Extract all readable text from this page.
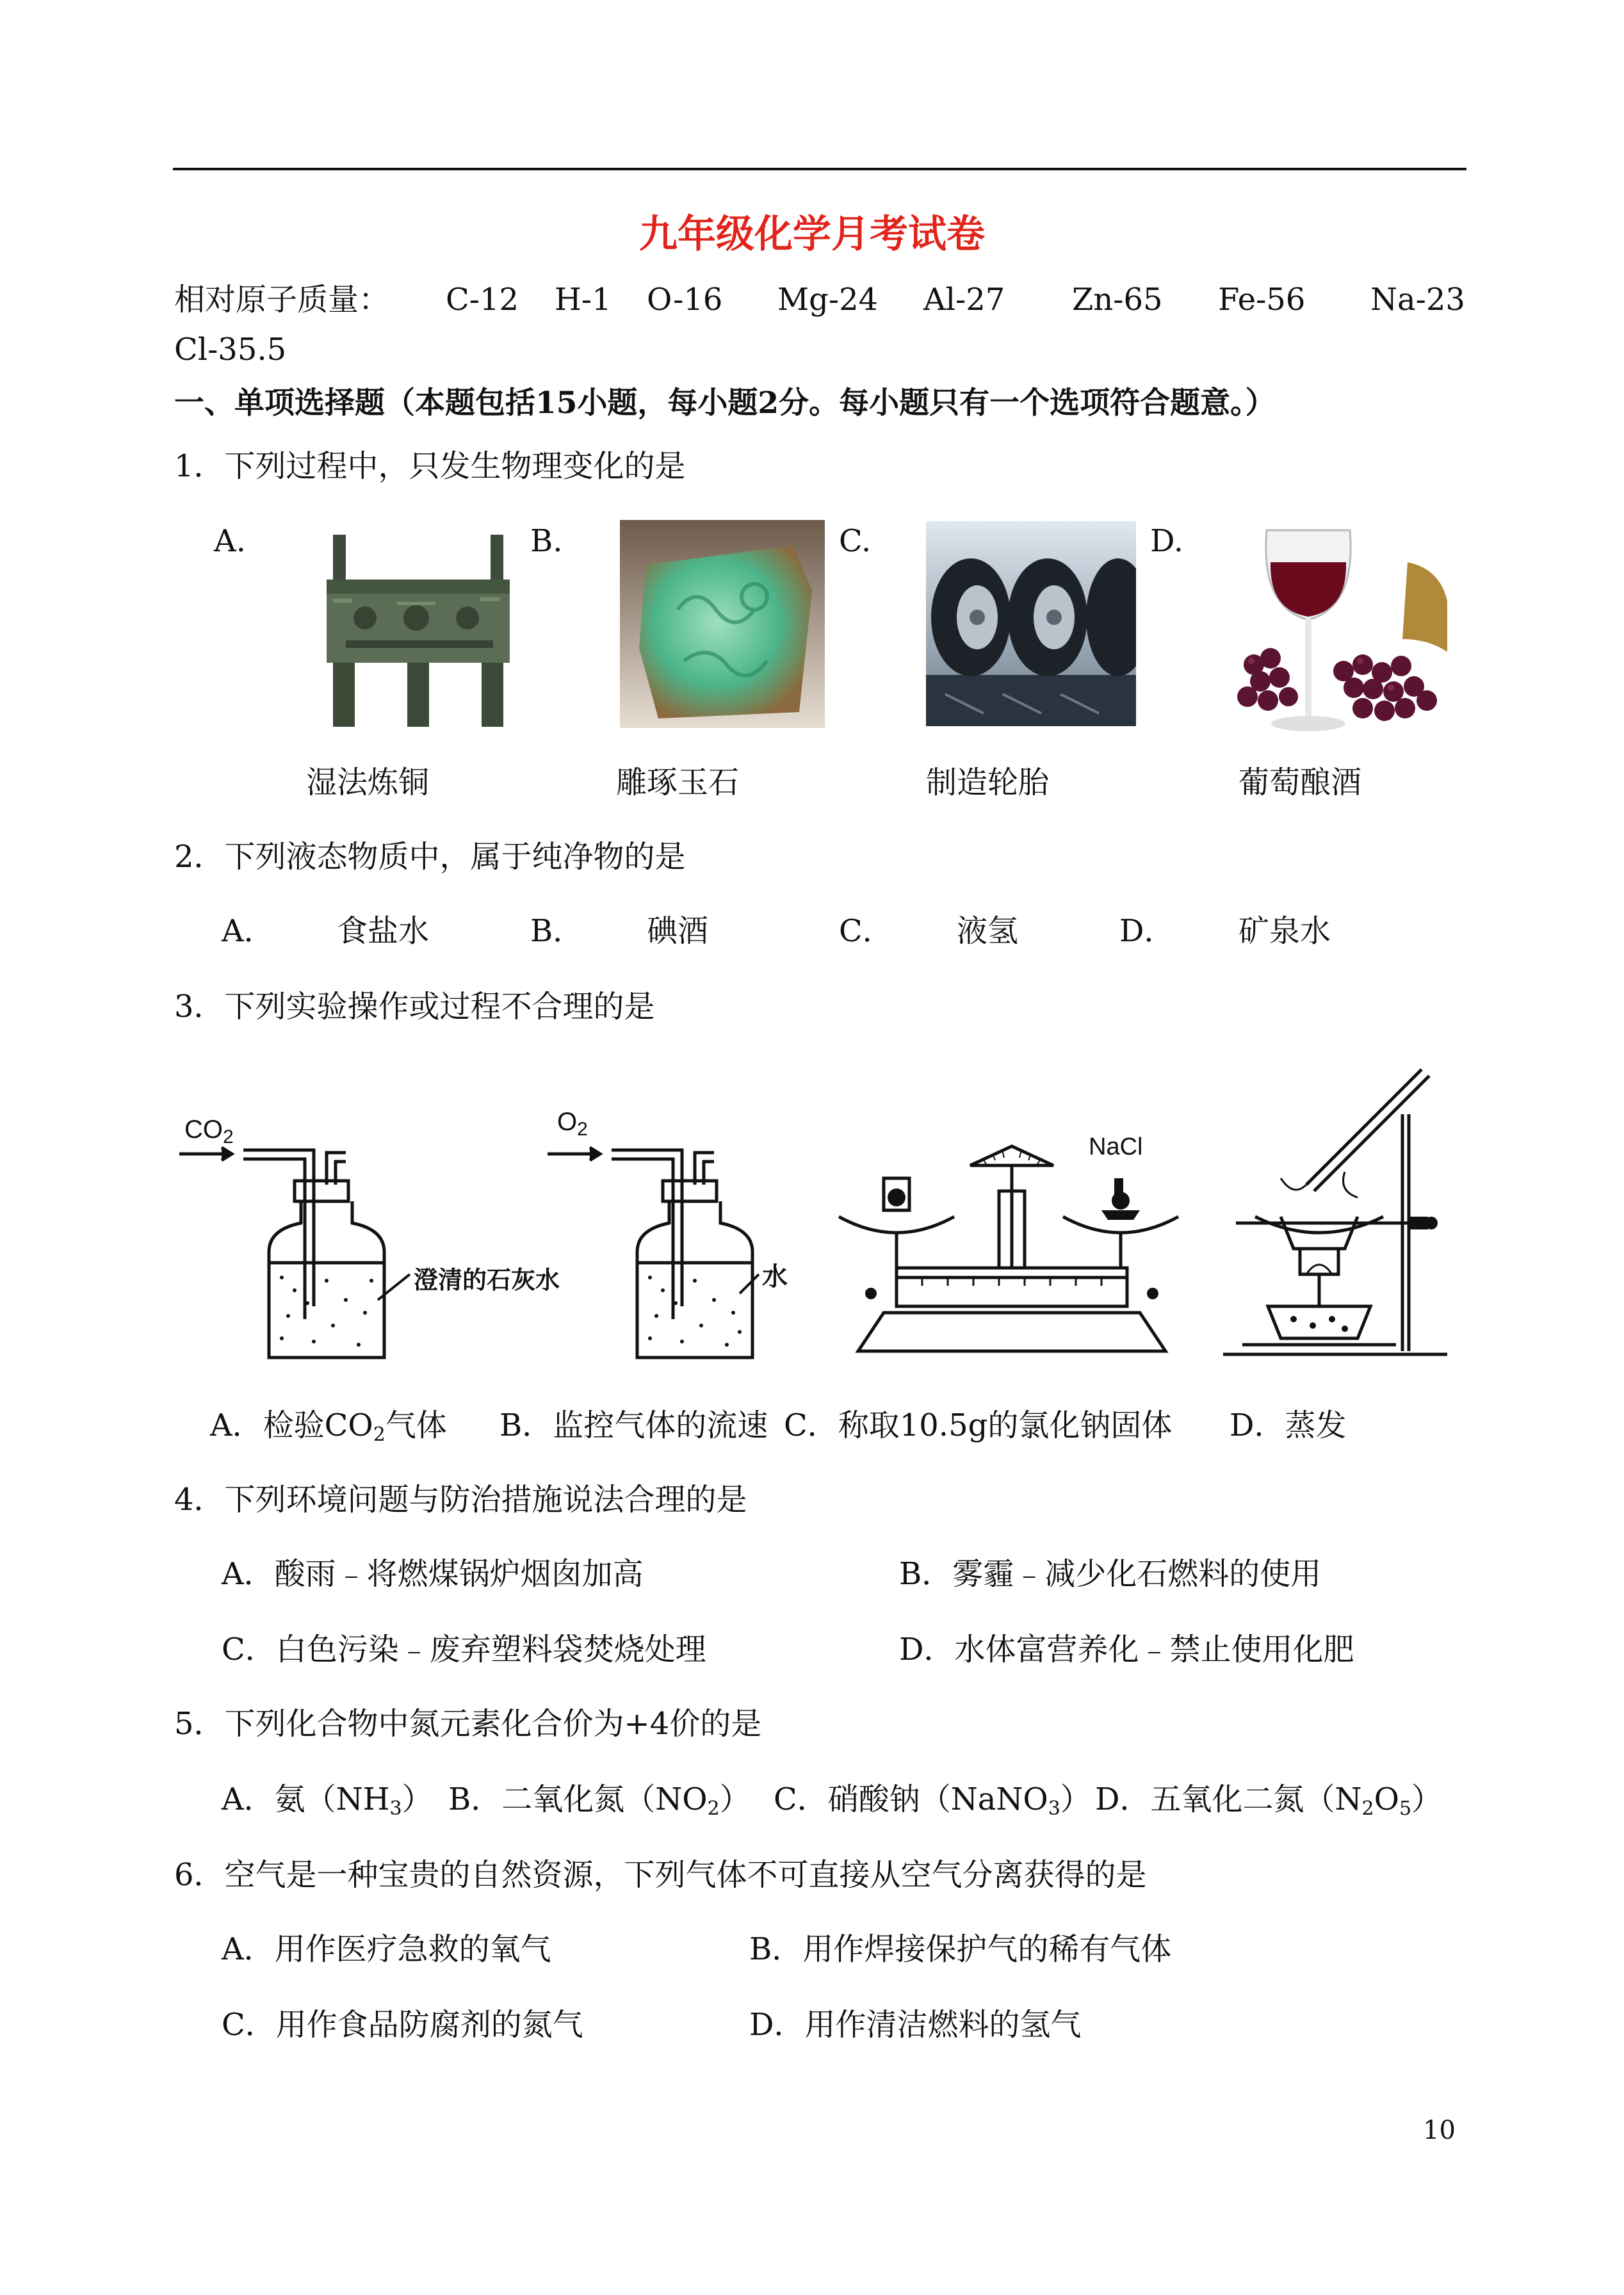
九年级化学月考试卷
相对原子质量： C-12 H-1 O-16 Mg-24 Al-27 Zn-65 Fe-56 Na-23
Cl-35.5
一、单项选择题（本题包括15小题，每小题2分。每小题只有一个选项符合题意。）
1．下列过程中，只发生物理变化的是
A.	B.	C.	D.
湿法炼铜	雕琢玉石	制造轮胎	葡萄酿酒
2．下列液态物质中，属于纯净物的是
A． 食盐水	B． 碘酒	C． 液氢	D． 矿泉水
3．下列实验操作或过程不合理的是
$CO_2$
澄清的石灰水
$O_2$
水
NaCl
A．检验$CO_2$气体 B．监控气体的流速 C．称取10.5g的氯化钠固体 D．蒸发
4．下列环境问题与防治措施说法合理的是
A．酸雨﹣将燃煤锅炉烟囱加高	B．雾霾﹣减少化石燃料的使用
C．白色污染﹣废弃塑料袋焚烧处理	D．水体富营养化﹣禁止使用化肥
5．下列化合物中氮元素化合价为+4价的是
A．氨$(NH_3)$ B．二氧化氮$(NO_2)$ C．硝酸钠（NaNO$_3$） D．五氧化二氮$(N_2O_5)$
6．空气是一种宝贵的自然资源，下列气体不可直接从空气分离获得的是
A．用作医疗急救的氧气	B．用作焊接保护气的稀有气体
C．用作食品防腐剂的氮气	D．用作清洁燃料的氢气
10
